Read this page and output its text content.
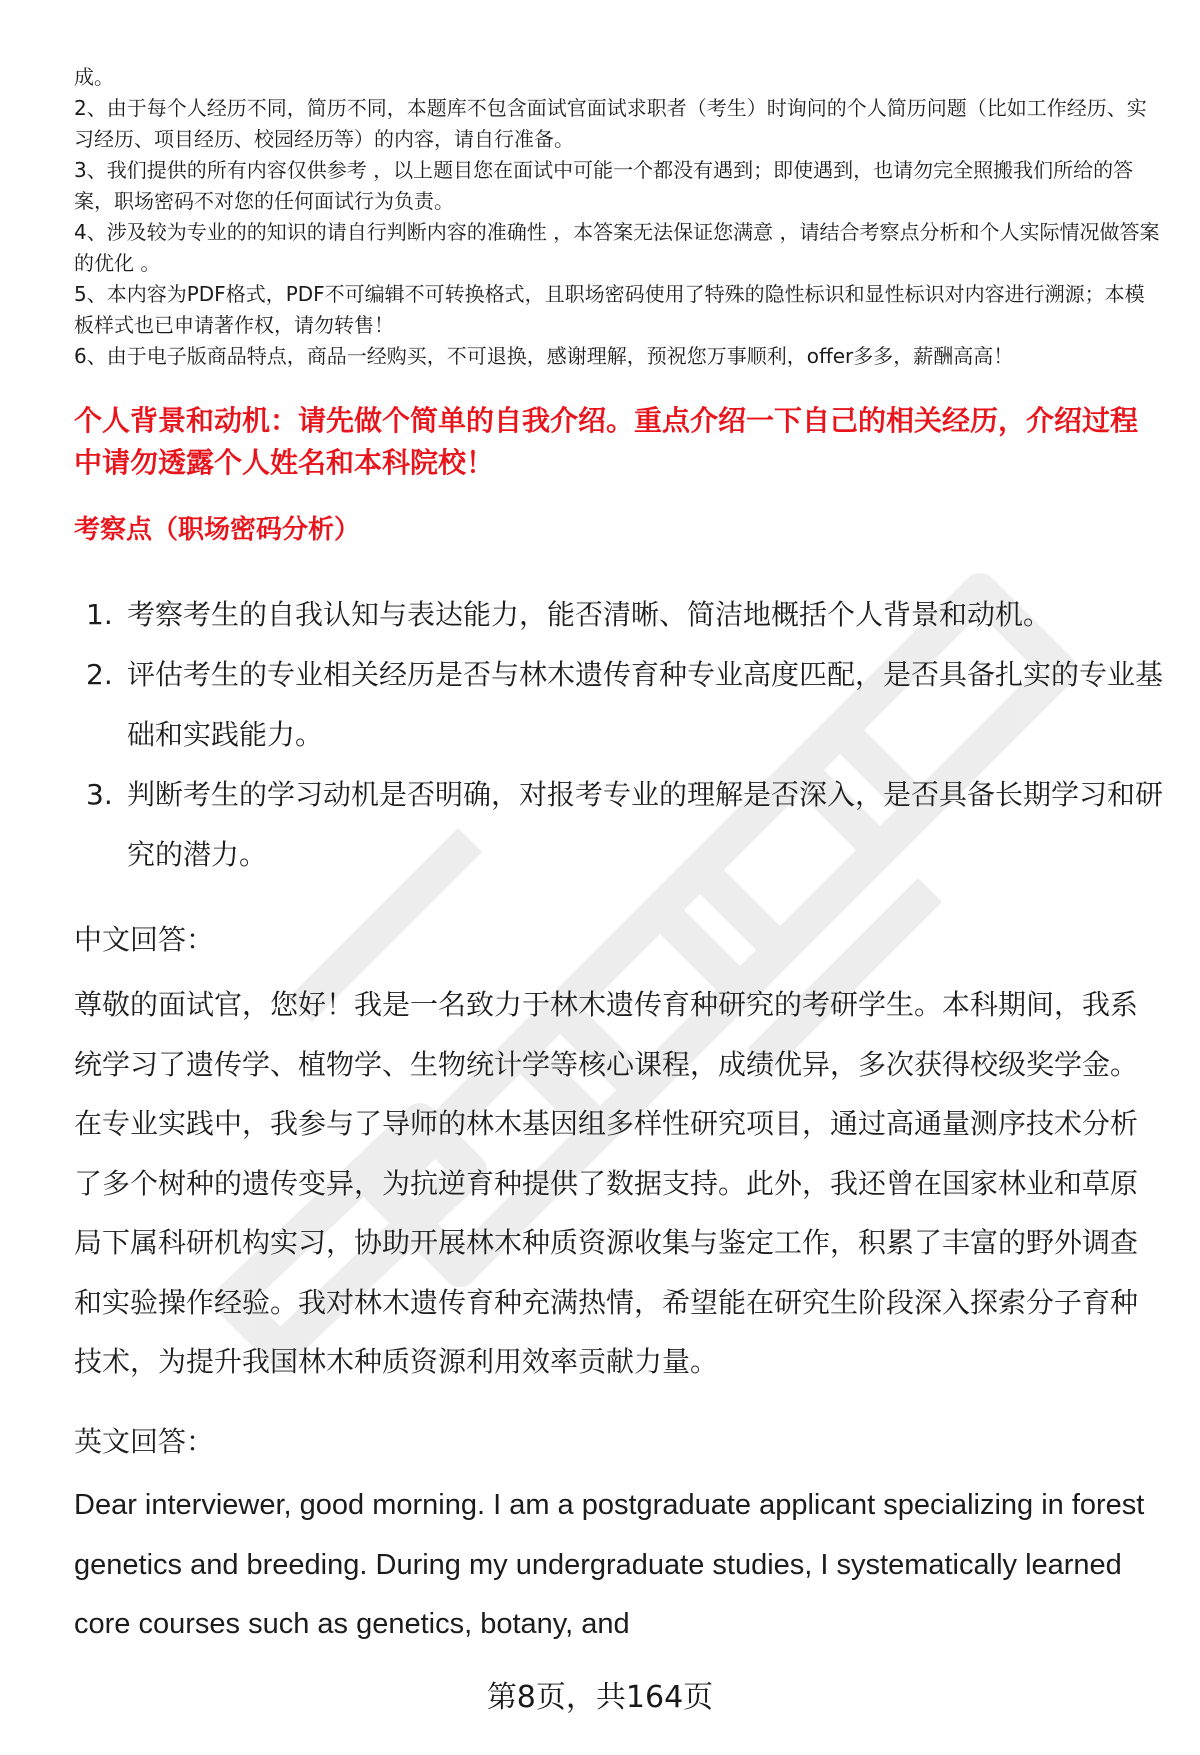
成。

2、由于每个人经历不同，简历不同，本题库不包含面试官面试求职者（考生）时询问的个人简历问题（比如工作经历、实习经历、项目经历、校园经历等）的内容，请自行准备。

3、我们提供的所有内容仅供参考 ，以上题目您在面试中可能一个都没有遇到；即使遇到，也请勿完全照搬我们所给的答案，职场密码不对您的任何面试行为负责。

4、涉及较为专业的的知识的请自行判断内容的准确性 ，本答案无法保证您满意 ，请结合考察点分析和个人实际情况做答案的优化 。

5、本内容为PDF格式，PDF不可编辑不可转换格式，且职场密码使用了特殊的隐性标识和显性标识对内容进行溯源；本模板样式也已申请著作权，请勿转售！

6、由于电子版商品特点，商品一经购买，不可退换，感谢理解，预祝您万事顺利，offer多多，薪酬高高！

个人背景和动机：请先做个简单的自我介绍。重点介绍一下自己的相关经历，介绍过程中请勿透露个人姓名和本科院校！

考察点（职场密码分析）

1. 考察考生的自我认知与表达能力，能否清晰、简洁地概括个人背景和动机。
2. 评估考生的专业相关经历是否与林木遗传育种专业高度匹配，是否具备扎实的专业基础和实践能力。
3. 判断考生的学习动机是否明确，对报考专业的理解是否深入，是否具备长期学习和研究的潜力。

中文回答：

尊敬的面试官，您好！我是一名致力于林木遗传育种研究的考研学生。本科期间，我系统学习了遗传学、植物学、生物统计学等核心课程，成绩优异，多次获得校级奖学金。在专业实践中，我参与了导师的林木基因组多样性研究项目，通过高通量测序技术分析了多个树种的遗传变异，为抗逆育种提供了数据支持。此外，我还曾在国家林业和草原局下属科研机构实习，协助开展林木种质资源收集与鉴定工作，积累了丰富的野外调查和实验操作经验。我对林木遗传育种充满热情，希望能在研究生阶段深入探索分子育种技术，为提升我国林木种质资源利用效率贡献力量。

英文回答：

Dear interviewer, good morning. I am a postgraduate applicant specializing in forest genetics and breeding. During my undergraduate studies, I systematically learned core courses such as genetics, botany, and

第8页，共164页
